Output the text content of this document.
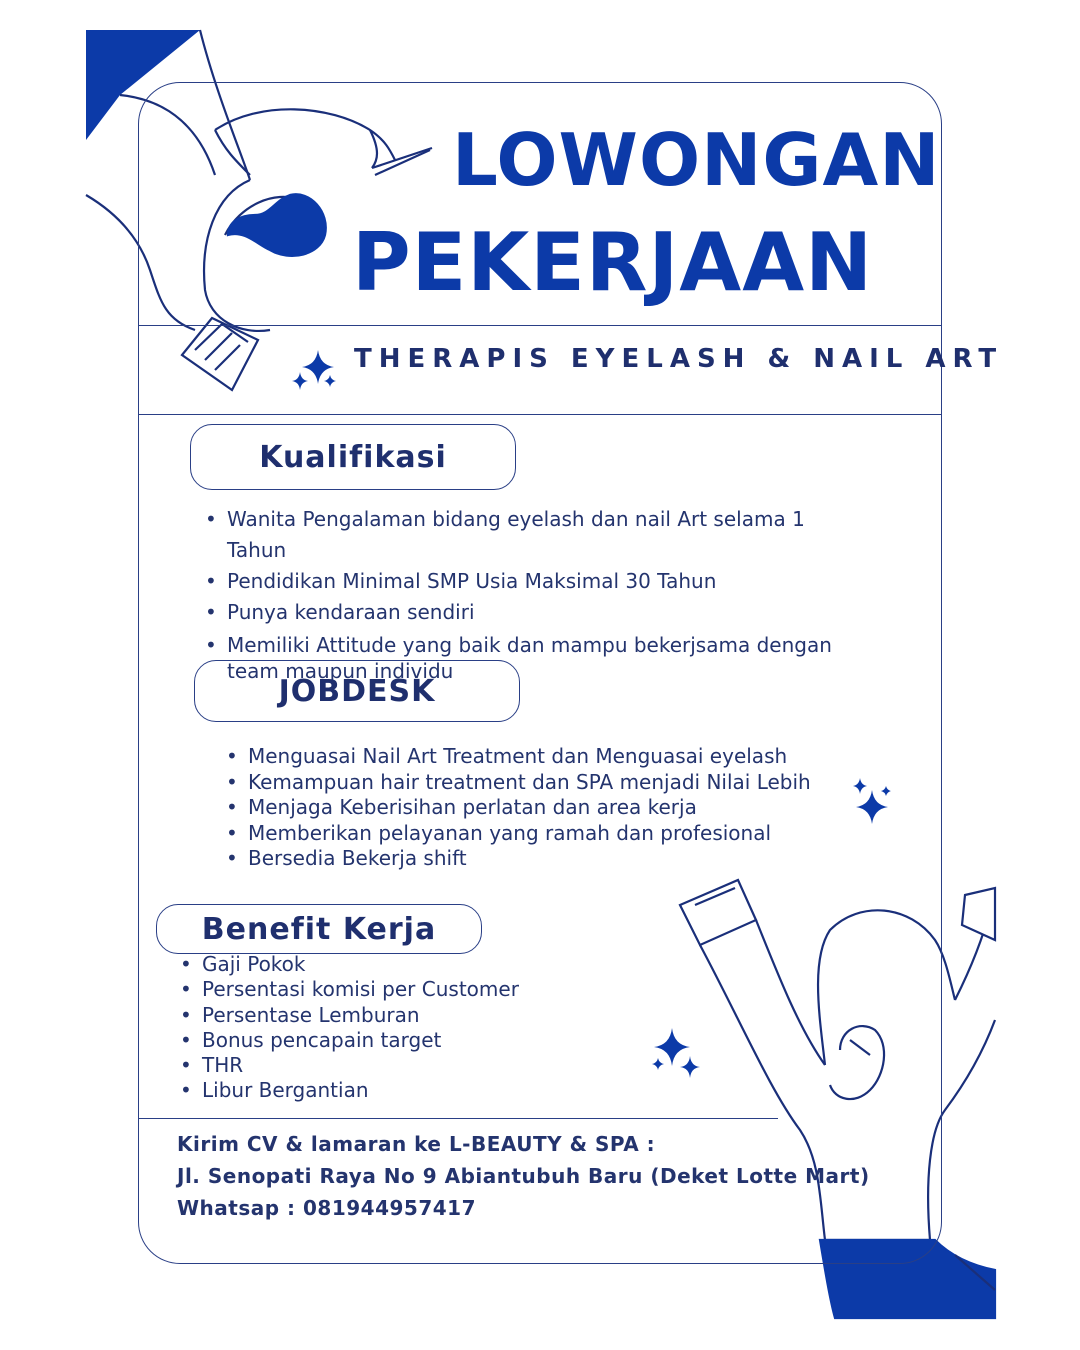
LOWONGAN
PEKERJAAN

THERAPIS EYELASH & NAIL ART

Kualifikasi
• Wanita Pengalaman bidang eyelash dan nail Art selama 1 Tahun
• Pendidikan Minimal SMP Usia Maksimal 30 Tahun
• Punya kendaraan sendiri
• Memiliki Attitude yang baik dan mampu bekerjsama dengan team maupun individu
JOBDESK
• Menguasai Nail Art Treatment dan Menguasai eyelash
• Kemampuan hair treatment dan SPA menjadi Nilai Lebih
• Menjaga Keberisihan perlatan dan area kerja
• Memberikan pelayanan yang ramah dan profesional
• Bersedia Bekerja shift
Benefit Kerja
• Gaji Pokok
• Persentasi komisi per Customer
• Persentase Lemburan
• Bonus pencapain target
• THR
• Libur Bergantian

Kirim CV & lamaran ke L-BEAUTY & SPA :

Jl. Senopati Raya No 9 Abiantubuh Baru (Deket Lotte Mart)

Whatsap : 081944957417
